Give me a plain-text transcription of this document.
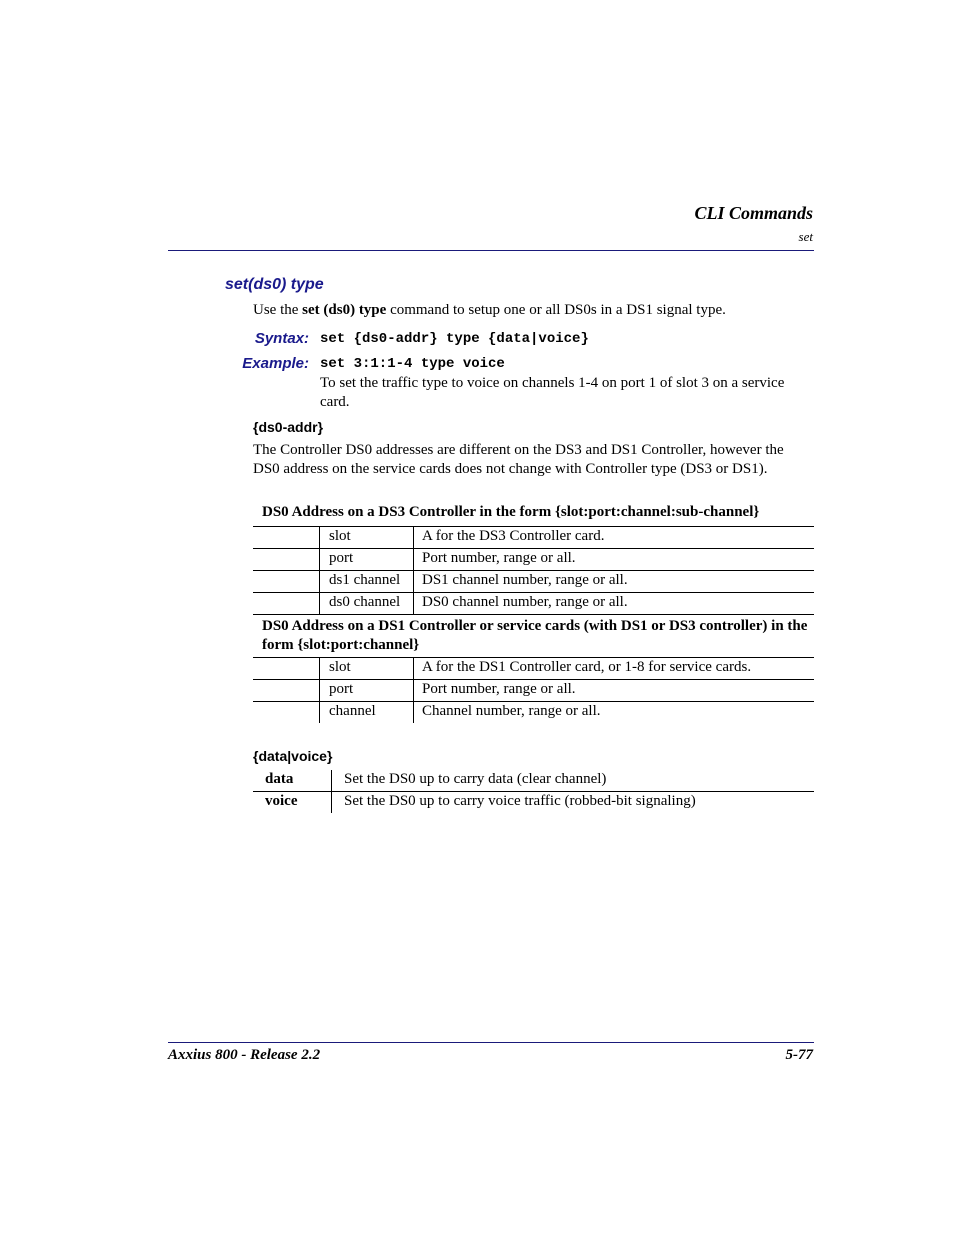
CLI Commands
set
set(ds0) type
Use the set (ds0) type command to setup one or all DS0s in a DS1 signal type.
Syntax: set {ds0-addr} type {data|voice}
Example: set 3:1:1-4 type voice
To set the traffic type to voice on channels 1-4 on port 1 of slot 3 on a service card.
{ds0-addr}
The Controller DS0 addresses are different on the DS3 and DS1 Controller, however the DS0 address on the service cards does not change with Controller type (DS3 or DS1).
DS0 Address on a DS3 Controller in the form {slot:port:channel:sub-channel}		
	slot	A for the DS3 Controller card.
	port	Port number, range or all.
	ds1 channel	DS1 channel number, range or all.
	ds0 channel	DS0 channel number, range or all.
DS0 Address on a DS1 Controller or service cards (with DS1 or DS3 controller) in the form {slot:port:channel}		
	slot	A for the DS1 Controller card, or 1-8 for service cards.
	port	Port number, range or all.
	channel	Channel number, range or all.
{data|voice}
data	Set the DS0 up to carry data (clear channel)
voice	Set the DS0 up to carry voice traffic (robbed-bit signaling)
Axxius 800 - Release 2.2	5-77
